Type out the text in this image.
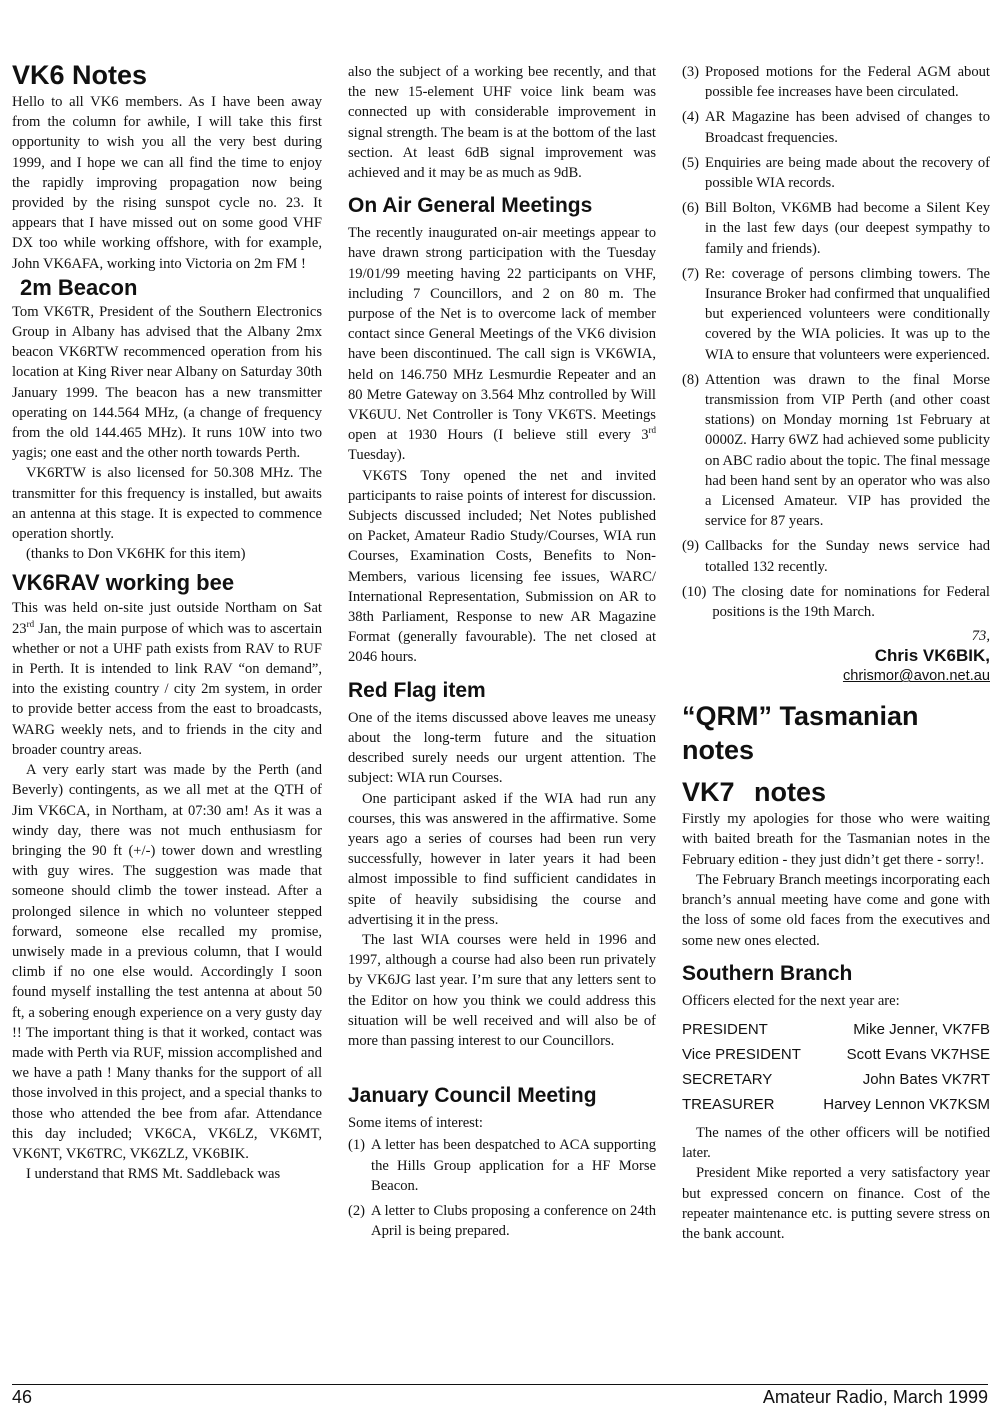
VK6 Notes

Hello to all VK6 members. As I have been away from the column for awhile, I will take this first opportunity to wish you all the very best during 1999, and I hope we can all find the time to enjoy the rapidly improving propagation now being provided by the rising sunspot cycle no. 23. It appears that I have missed out on some good VHF DX too while working offshore, with for example, John VK6AFA, working into Victoria on 2m FM !

2m Beacon

Tom VK6TR, President of the Southern Electronics Group in Albany has advised that the Albany 2mx beacon VK6RTW recommenced operation from his location at King River near Albany on Saturday 30th January 1999. The beacon has a new transmitter operating on 144.564 MHz, (a change of frequency from the old 144.465 MHz). It runs 10W into two yagis; one east and the other north towards Perth.

VK6RTW is also licensed for 50.308 MHz. The transmitter for this frequency is installed, but awaits an antenna at this stage. It is expected to commence operation shortly.

(thanks to Don VK6HK for this item)

VK6RAV working bee

This was held on-site just outside Northam on Sat 23rd Jan, the main purpose of which was to ascertain whether or not a UHF path exists from RAV to RUF in Perth. It is intended to link RAV “on demand”, into the existing country / city 2m system, in order to provide better access from the east to broadcasts, WARG weekly nets, and to friends in the city and broader country areas.

A very early start was made by the Perth (and Beverly) contingents, as we all met at the QTH of Jim VK6CA, in Northam, at 07:30 am! As it was a windy day, there was not much enthusiasm for bringing the 90 ft (+/-) tower down and wrestling with guy wires. The suggestion was made that someone should climb the tower instead. After a prolonged silence in which no volunteer stepped forward, someone else recalled my promise, unwisely made in a previous column, that I would climb if no one else would. Accordingly I soon found myself installing the test antenna at about 50 ft, a sobering enough experience on a very gusty day !! The important thing is that it worked, contact was made with Perth via RUF, mission accomplished and we have a path ! Many thanks for the support of all those involved in this project, and a special thanks to those who attended the bee from afar. Attendance this day included; VK6CA, VK6LZ, VK6MT, VK6NT, VK6TRC, VK6ZLZ, VK6BIK.

I understand that RMS Mt. Saddleback was

also the subject of a working bee recently, and that the new 15-element UHF voice link beam was connected up with considerable improvement in signal strength. The beam is at the bottom of the last section. At least 6dB signal improvement was achieved and it may be as much as 9dB.

On Air General Meetings

The recently inaugurated on-air meetings appear to have drawn strong participation with the Tuesday 19/01/99 meeting having 22 participants on VHF, including 7 Councillors, and 2 on 80 m. The purpose of the Net is to overcome lack of member contact since General Meetings of the VK6 division have been discontinued. The call sign is VK6WIA, held on 146.750 MHz Lesmurdie Repeater and an 80 Metre Gateway on 3.564 Mhz controlled by Will VK6UU. Net Controller is Tony VK6TS. Meetings open at 1930 Hours (I believe still every 3rd Tuesday).

VK6TS Tony opened the net and invited participants to raise points of interest for discussion. Subjects discussed included; Net Notes published on Packet, Amateur Radio Study/Courses, WIA run Courses, Examination Costs, Benefits to Non-Members, various licensing fee issues, WARC/ International Representation, Submission on AR to 38th Parliament, Response to new AR Magazine Format (generally favourable). The net closed at 2046 hours.

Red Flag item

One of the items discussed above leaves me uneasy about the long-term future and the situation described surely needs our urgent attention. The subject: WIA run Courses.

One participant asked if the WIA had run any courses, this was answered in the affirmative. Some years ago a series of courses had been run very successfully, however in later years it had been almost impossible to find sufficient candidates in spite of heavily subsidising the course and advertising it in the press.

The last WIA courses were held in 1996 and 1997, although a course had also been run privately by VK6JG last year. I’m sure that any letters sent to the Editor on how you think we could address this situation will be well received and will also be of more than passing interest to our Councillors.

January Council Meeting

Some items of interest:

(1) A letter has been despatched to ACA supporting the Hills Group application for a HF Morse Beacon.
(2) A letter to Clubs proposing a conference on 24th April is being prepared.
(3) Proposed motions for the Federal AGM about possible fee increases have been circulated.
(4) AR Magazine has been advised of changes to Broadcast frequencies.
(5) Enquiries are being made about the recovery of possible WIA records.
(6) Bill Bolton, VK6MB had become a Silent Key in the last few days (our deepest sympathy to family and friends).
(7) Re: coverage of persons climbing towers. The Insurance Broker had confirmed that unqualified but experienced volunteers were conditionally covered by the WIA policies. It was up to the WIA to ensure that volunteers were experienced.
(8) Attention was drawn to the final Morse transmission from VIP Perth (and other coast stations) on Monday morning 1st February at 0000Z. Harry 6WZ had achieved some publicity on ABC radio about the topic. The final message had been hand sent by an operator who was also a Licensed Amateur. VIP has provided the service for 87 years.
(9) Callbacks for the Sunday news service had totalled 132 recently.
(10) The closing date for nominations for Federal positions is the 19th March.
73,
Chris VK6BIK,
chrismor@avon.net.au
“QRM” Tasmanian
notes
VK7 notes

Firstly my apologies for those who were waiting with baited breath for the Tasmanian notes in the February edition - they just didn’t get there - sorry!.

The February Branch meetings incorporating each branch’s annual meeting have come and gone with the loss of some old faces from the executives and some new ones elected.

Southern Branch

Officers elected for the next year are:

PRESIDENT	Mike Jenner, VK7FB
Vice PRESIDENT	Scott Evans VK7HSE
SECRETARY	John Bates VK7RT
TREASURER	Harvey Lennon VK7KSM

The names of the other officers will be notified later.

President Mike reported a very satisfactory year but expressed concern on finance. Cost of the repeater maintenance etc. is putting severe stress on the bank account.

46	Amateur Radio, March 1999
